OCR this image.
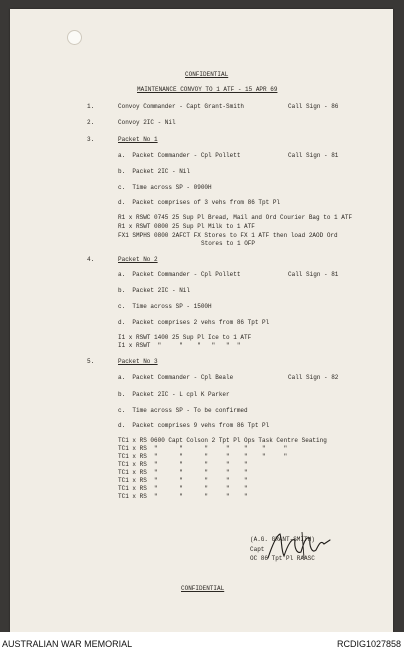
CONFIDENTIAL
MAINTENANCE CONVOY TO 1 ATF - 15 APR 69
1.	Convoy Commander - Capt Grant-Smith	Call Sign - 86
2.	Convoy 2IC - Nil
3.	Packet No 1
a.  Packet Commander - Cpl Pollett	Call Sign - 81
b.  Packet 2IC - Nil
c.  Time across SP - 0900H
d.  Packet comprises of 3 vehs from 86 Tpt Pl
R1 x RSWC 0745 25 Sup Pl Bread, Mail and Ord Courier Bag to 1 ATF
R1 x RSWT 0800 25 Sup Pl Milk to 1 ATF
FX1 SMPHS 0800 2AFCT FX Stores to FX 1 ATF then load 2AOD Ord
Stores to 1 OFP
4.	Packet No 2
a.  Packet Commander - Cpl Pollett	Call Sign - 81
b.  Packet 2IC - Nil
c.  Time across SP - 1500H
d.  Packet comprises 2 vehs from 86 Tpt Pl
I1 x RSWT 1400 25 Sup Pl Ice to 1 ATF
I1 x RSWT  "     "    "   "   "  "
5.	Packet No 3
a.  Packet Commander - Cpl Beale	Call Sign - 82
b.  Packet 2IC - L cpl K Parker
c.  Time across SP - To be confirmed
d.  Packet comprises 9 vehs from 86 Tpt Pl
TC1 x RS 0600 Capt Colson 2 Tpt Pl Ops Task Centre Seating
TC1 x RS  "      "      "     "    "    "     "
TC1 x RS  "      "      "     "    "    "     "
TC1 x RS  "      "      "     "    "
TC1 x RS  "      "      "     "    "
TC1 x RS  "      "      "     "    "
TC1 x RS  "      "      "     "    "
TC1 x RS  "      "      "     "    "
(A.G. GRANT-SMITH)
Capt
OC 86 Tpt Pl RAASC
CONFIDENTIAL
AUSTRALIAN WAR MEMORIAL	RCDIG1027858
